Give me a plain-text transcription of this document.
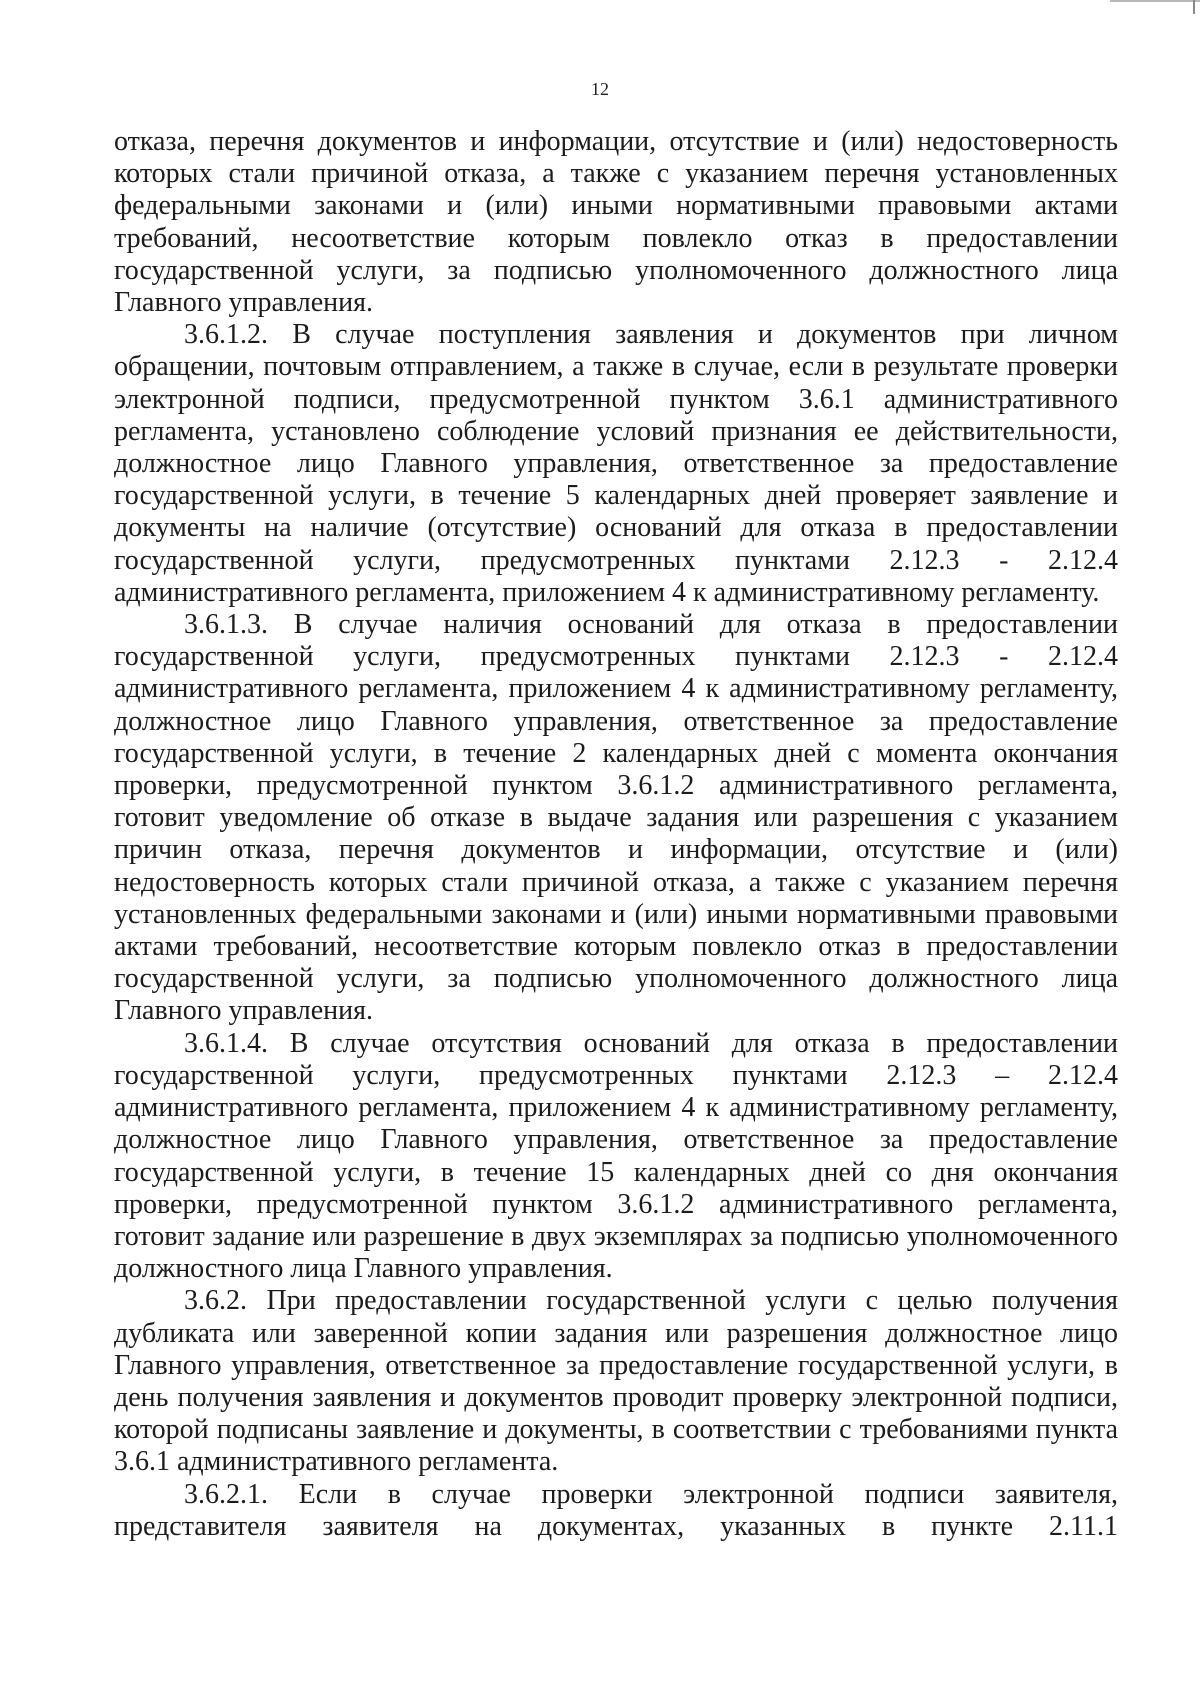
12

отказа, перечня документов и информации, отсутствие и (или) недостоверность которых стали причиной отказа, а также с указанием перечня установленных федеральными законами и (или) иными нормативными правовыми актами требований, несоответствие которым повлекло отказ в предоставлении государственной услуги, за подписью уполномоченного должностного лица Главного управления.

3.6.1.2. В случае поступления заявления и документов при личном обращении, почтовым отправлением, а также в случае, если в результате проверки электронной подписи, предусмотренной пунктом 3.6.1 административного регламента, установлено соблюдение условий признания ее действительности, должностное лицо Главного управления, ответственное за предоставление государственной услуги, в течение 5 календарных дней проверяет заявление и документы на наличие (отсутствие) оснований для отказа в предоставлении государственной услуги, предусмотренных пунктами 2.12.3 - 2.12.4 административного регламента, приложением 4 к административному регламенту.

3.6.1.3. В случае наличия оснований для отказа в предоставлении государственной услуги, предусмотренных пунктами 2.12.3 - 2.12.4 административного регламента, приложением 4 к административному регламенту, должностное лицо Главного управления, ответственное за предоставление государственной услуги, в течение 2 календарных дней с момента окончания проверки, предусмотренной пунктом 3.6.1.2 административного регламента, готовит уведомление об отказе в выдаче задания или разрешения с указанием причин отказа, перечня документов и информации, отсутствие и (или) недостоверность которых стали причиной отказа, а также с указанием перечня установленных федеральными законами и (или) иными нормативными правовыми актами требований, несоответствие которым повлекло отказ в предоставлении государственной услуги, за подписью уполномоченного должностного лица Главного управления.

3.6.1.4. В случае отсутствия оснований для отказа в предоставлении государственной услуги, предусмотренных пунктами 2.12.3 – 2.12.4 административного регламента, приложением 4 к административному регламенту, должностное лицо Главного управления, ответственное за предоставление государственной услуги, в течение 15 календарных дней со дня окончания проверки, предусмотренной пунктом 3.6.1.2 административного регламента, готовит задание или разрешение в двух экземплярах за подписью уполномоченного должностного лица Главного управления.

3.6.2. При предоставлении государственной услуги с целью получения дубликата или заверенной копии задания или разрешения должностное лицо Главного управления, ответственное за предоставление государственной услуги, в день получения заявления и документов проводит проверку электронной подписи, которой подписаны заявление и документы, в соответствии с требованиями пункта 3.6.1 административного регламента.

3.6.2.1. Если в случае проверки электронной подписи заявителя, представителя заявителя на документах, указанных в пункте 2.11.1
